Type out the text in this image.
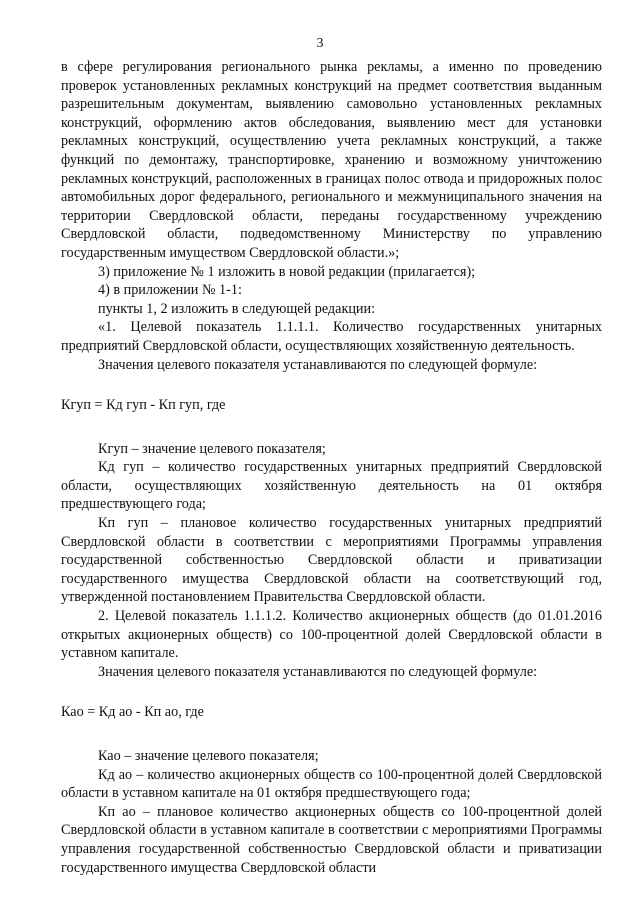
3

в сфере регулирования регионального рынка рекламы, а именно по проведению проверок установленных рекламных конструкций на предмет соответствия выданным разрешительным документам, выявлению самовольно установленных рекламных конструкций, оформлению актов обследования, выявлению мест для установки рекламных конструкций, осуществлению учета рекламных конструкций, а также функций по демонтажу, транспортировке, хранению и возможному уничтожению рекламных конструкций, расположенных в границах полос отвода и придорожных полос автомобильных дорог федерального, регионального и межмуниципального значения на территории Свердловской области, переданы государственному учреждению Свердловской области, подведомственному Министерству по управлению государственным имуществом Свердловской области.»;

3) приложение № 1 изложить в новой редакции (прилагается);

4) в приложении № 1-1:

пункты 1, 2 изложить в следующей редакции:

«1. Целевой показатель 1.1.1.1. Количество государственных унитарных предприятий Свердловской области, осуществляющих хозяйственную деятельность.

Значения целевого показателя устанавливаются по следующей формуле:

Кгуп = Кд гуп - Кп гуп, где

Кгуп – значение целевого показателя;

Кд гуп – количество государственных унитарных предприятий Свердловской области, осуществляющих хозяйственную деятельность на 01 октября предшествующего года;

Кп гуп – плановое количество государственных унитарных предприятий Свердловской области в соответствии с мероприятиями Программы управления государственной собственностью Свердловской области и приватизации государственного имущества Свердловской области на соответствующий год, утвержденной постановлением Правительства Свердловской области.

2. Целевой показатель 1.1.1.2. Количество акционерных обществ (до 01.01.2016 открытых акционерных обществ) со 100-процентной долей Свердловской области в уставном капитале.

Значения целевого показателя устанавливаются по следующей формуле:

Као = Кд ао - Кп ао, где

Као – значение целевого показателя;

Кд ао – количество акционерных обществ со 100-процентной долей Свердловской области в уставном капитале на 01 октября предшествующего года;

Кп ао – плановое количество акционерных обществ со 100-процентной долей Свердловской области в уставном капитале в соответствии с мероприятиями Программы управления государственной собственностью Свердловской области и приватизации государственного имущества Свердловской области
